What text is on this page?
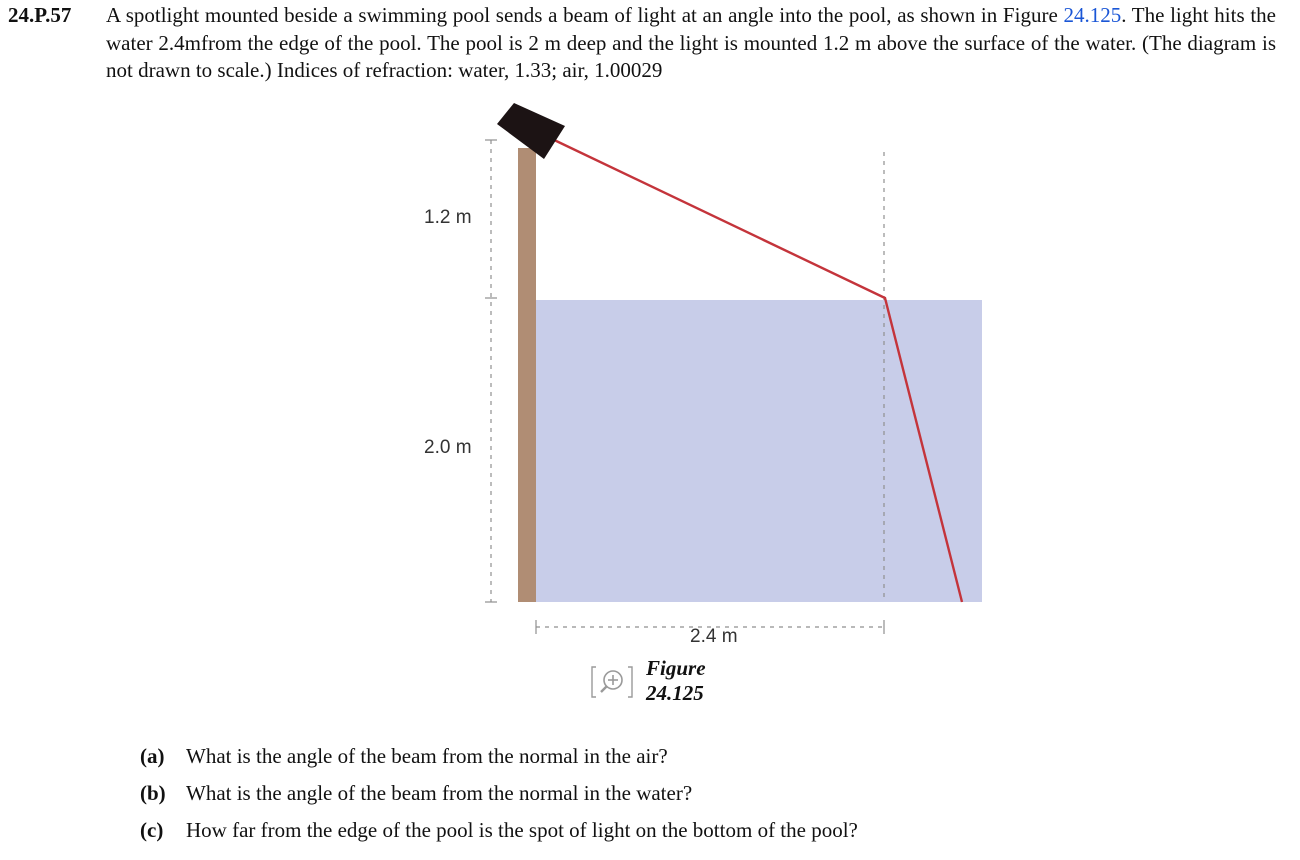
24.P.57	A spotlight mounted beside a swimming pool sends a beam of light at an angle into the pool, as shown in Figure 24.125. The light hits the water 2.4mfrom the edge of the pool. The pool is 2 m deep and the light is mounted 1.2 m above the surface of the water. (The diagram is not drawn to scale.) Indices of refraction: water, 1.33; air, 1.00029
1.2 m
2.0 m
2.4 m
Figure 24.125
(a) What is the angle of the beam from the normal in the air?
(b) What is the angle of the beam from the normal in the water?
(c) How far from the edge of the pool is the spot of light on the bottom of the pool?
